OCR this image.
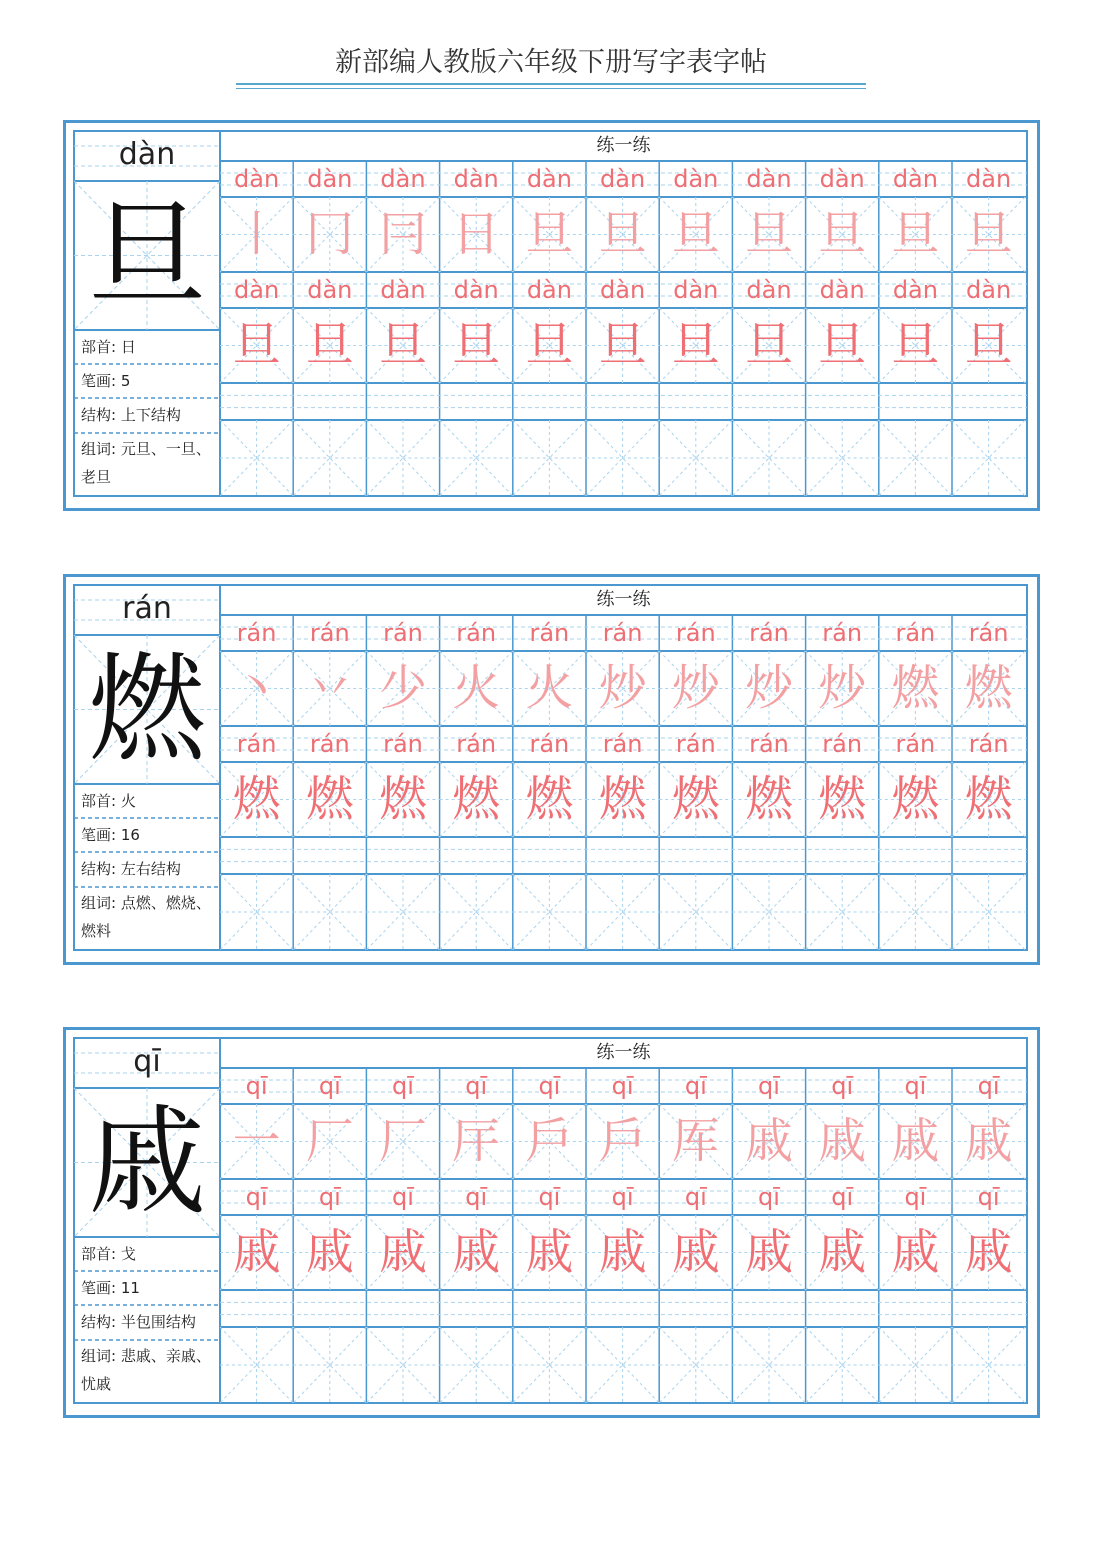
新部编人教版六年级下册写字表字帖
dàn
旦
部首: 日
笔画: 5
结构: 上下结构
组词: 元旦、一旦、老旦
练一练
dàn
丨
dàn
旦
dàn
冂
dàn
旦
dàn
冃
dàn
旦
dàn
日
dàn
旦
dàn
旦
dàn
旦
dàn
旦
dàn
旦
dàn
旦
dàn
旦
dàn
旦
dàn
旦
dàn
旦
dàn
旦
dàn
旦
dàn
旦
dàn
旦
dàn
旦
rán
燃
部首: 火
笔画: 16
结构: 左右结构
组词: 点燃、燃烧、燃料
练一练
rán
丶
rán
燃
rán
丷
rán
燃
rán
少
rán
燃
rán
火
rán
燃
rán
火
rán
燃
rán
炒
rán
燃
rán
炒
rán
燃
rán
炒
rán
燃
rán
炒
rán
燃
rán
燃
rán
燃
rán
燃
rán
燃
qī
戚
部首: 戈
笔画: 11
结构: 半包围结构
组词: 悲戚、亲戚、忧戚
练一练
qī
一
qī
戚
qī
厂
qī
戚
qī
厂
qī
戚
qī
厈
qī
戚
qī
戶
qī
戚
qī
戶
qī
戚
qī
厍
qī
戚
qī
戚
qī
戚
qī
戚
qī
戚
qī
戚
qī
戚
qī
戚
qī
戚
